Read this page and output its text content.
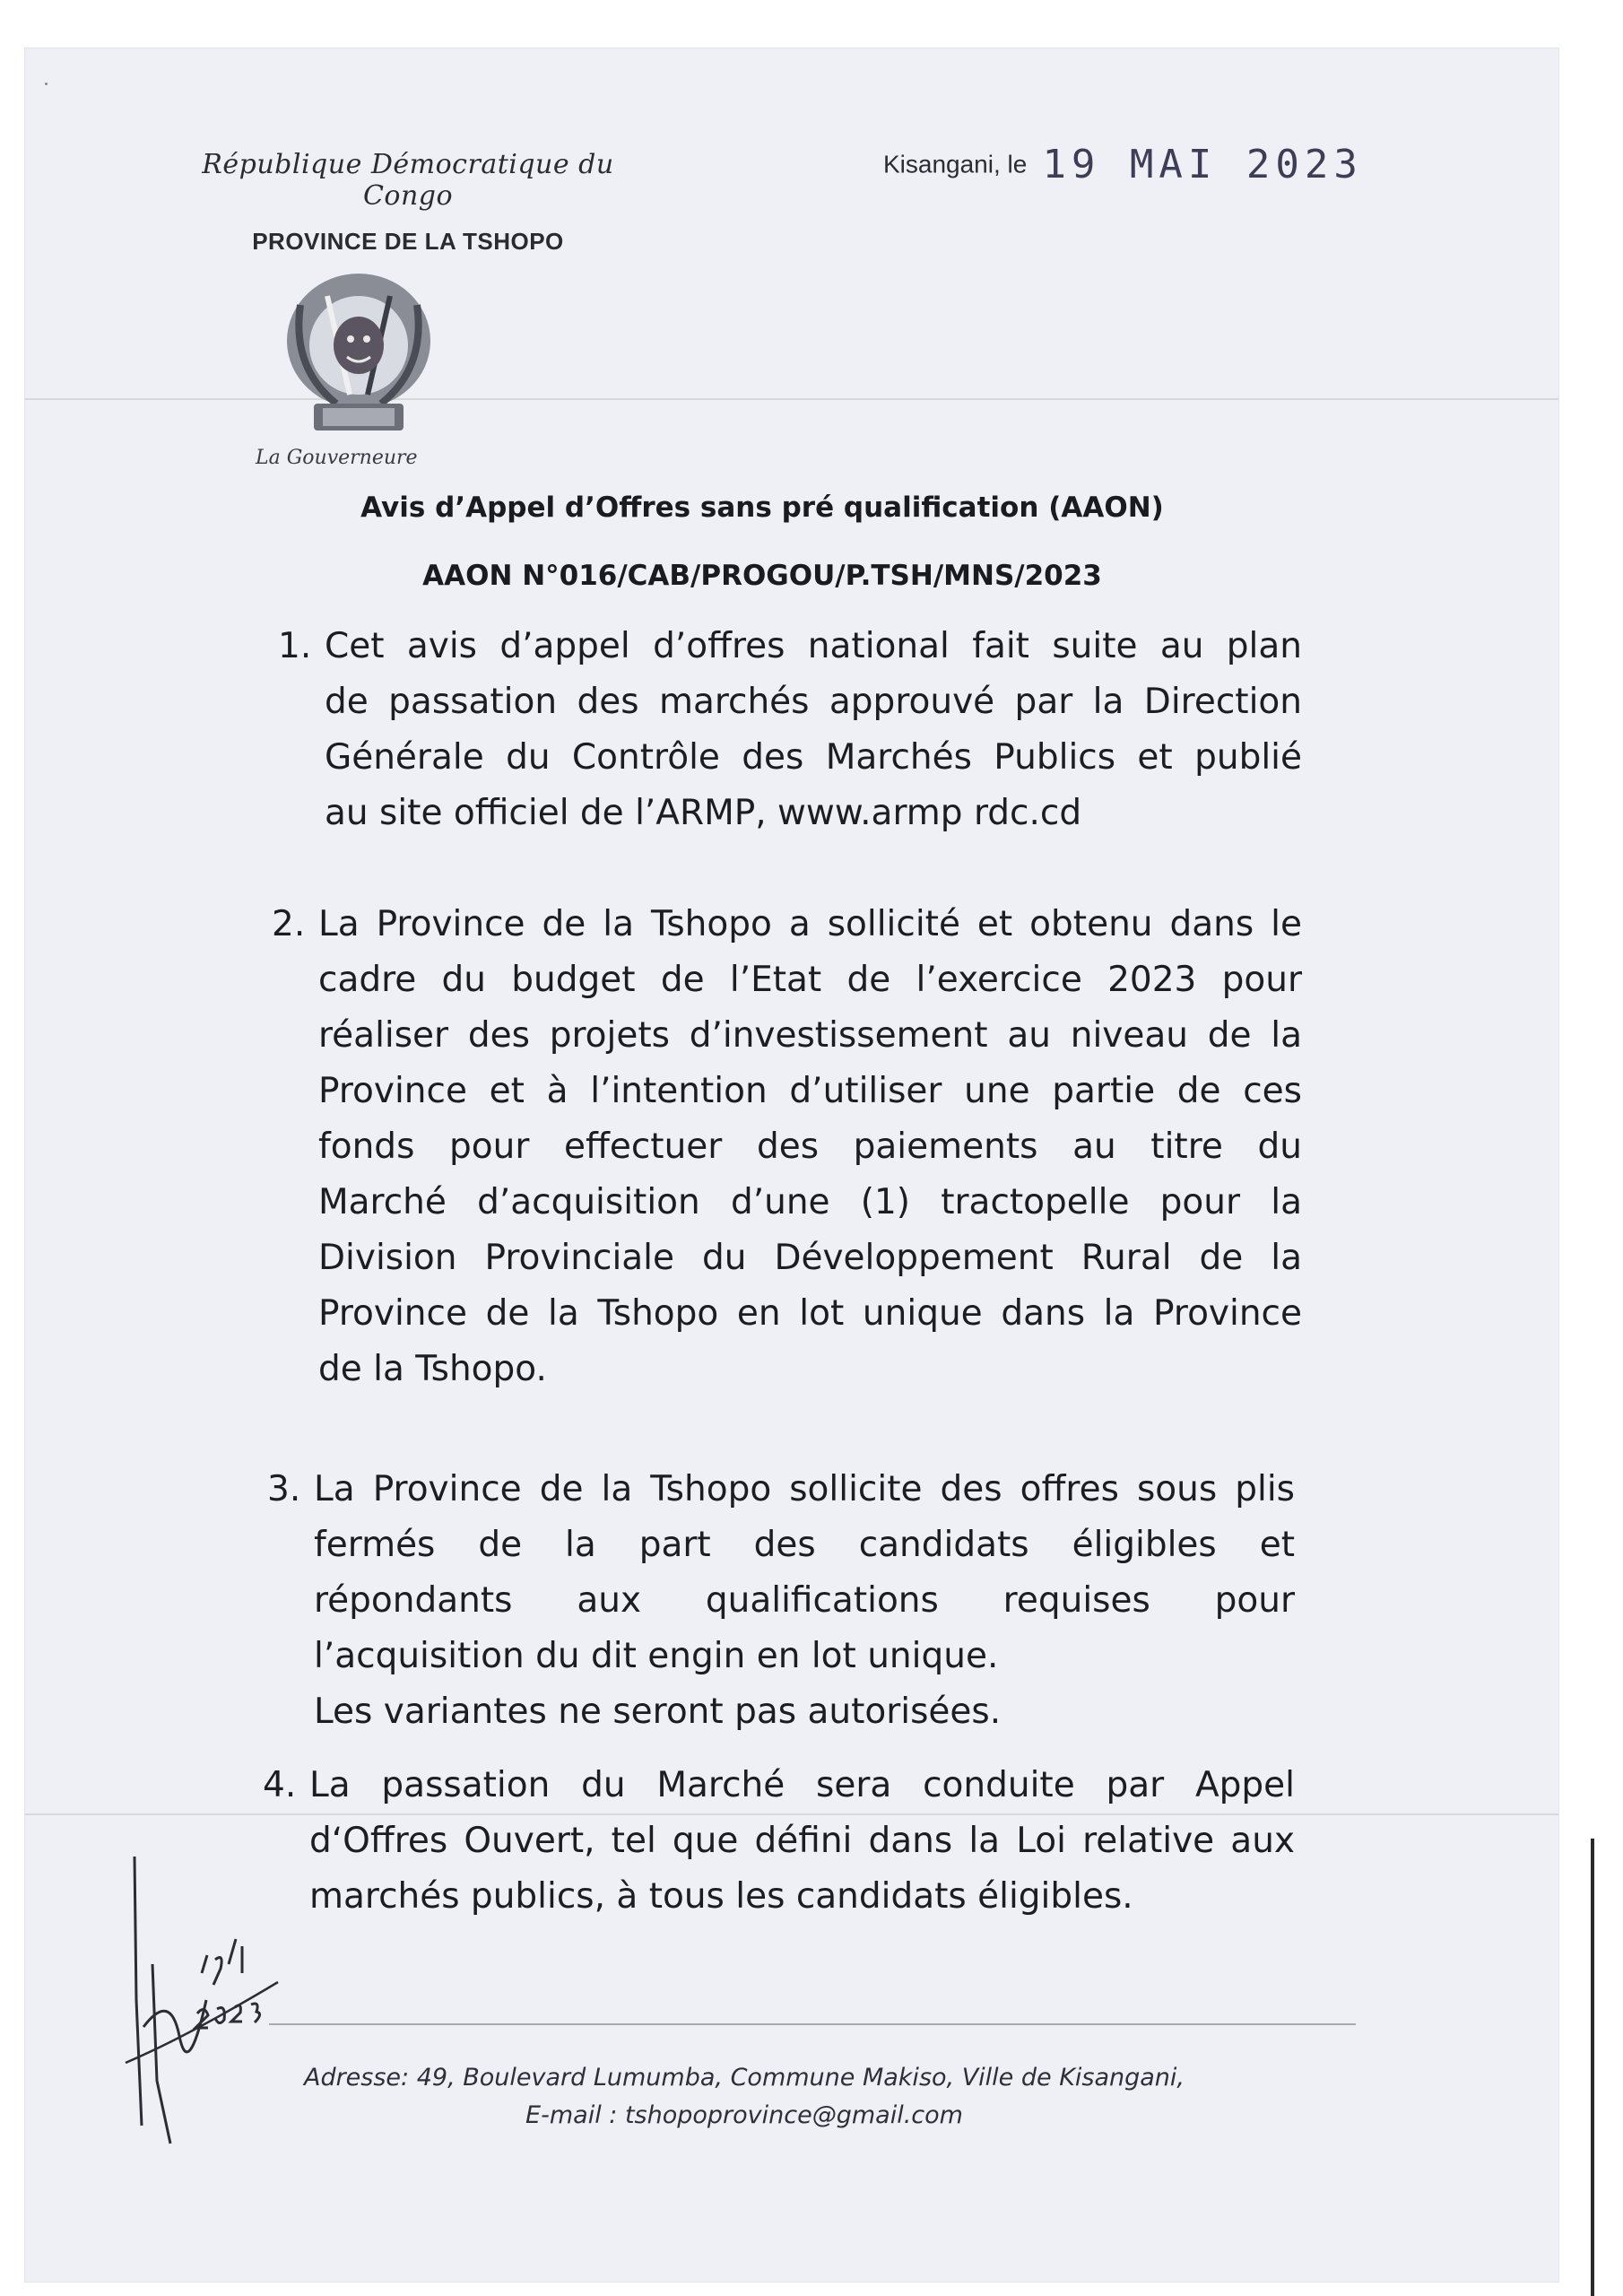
République Démocratique du Congo
PROVINCE DE LA TSHOPO
La Gouverneure
Kisangani, le 19 MAI 2023
Avis d’Appel d’Offres sans pré qualification (AAON)
AAON N°016/CAB/PROGOU/P.TSH/MNS/2023
1. Cet avis d’appel d’offres national fait suite au plan
de passation des marchés approuvé par la Direction
Générale du Contrôle des Marchés Publics et publié
au site officiel de l’ARMP, www.armp rdc.cd
2. La Province de la Tshopo a sollicité et obtenu dans le
cadre du budget de l’Etat de l’exercice 2023 pour
réaliser des projets d’investissement au niveau de la
Province et à l’intention d’utiliser une partie de ces
fonds pour effectuer des paiements au titre du
Marché d’acquisition d’une (1) tractopelle pour la
Division Provinciale du Développement Rural de la
Province de la Tshopo en lot unique dans la Province
de la Tshopo.
3. La Province de la Tshopo sollicite des offres sous plis
fermés de la part des candidats éligibles et
répondants aux qualifications requises pour
l’acquisition du dit engin en lot unique.
Les variantes ne seront pas autorisées.
4. La passation du Marché sera conduite par Appel
d‘Offres Ouvert, tel que défini dans la Loi relative aux
marchés publics, à tous les candidats éligibles.
Adresse: 49, Boulevard Lumumba, Commune Makiso, Ville de Kisangani,
E-mail : tshopoprovince@gmail.com
